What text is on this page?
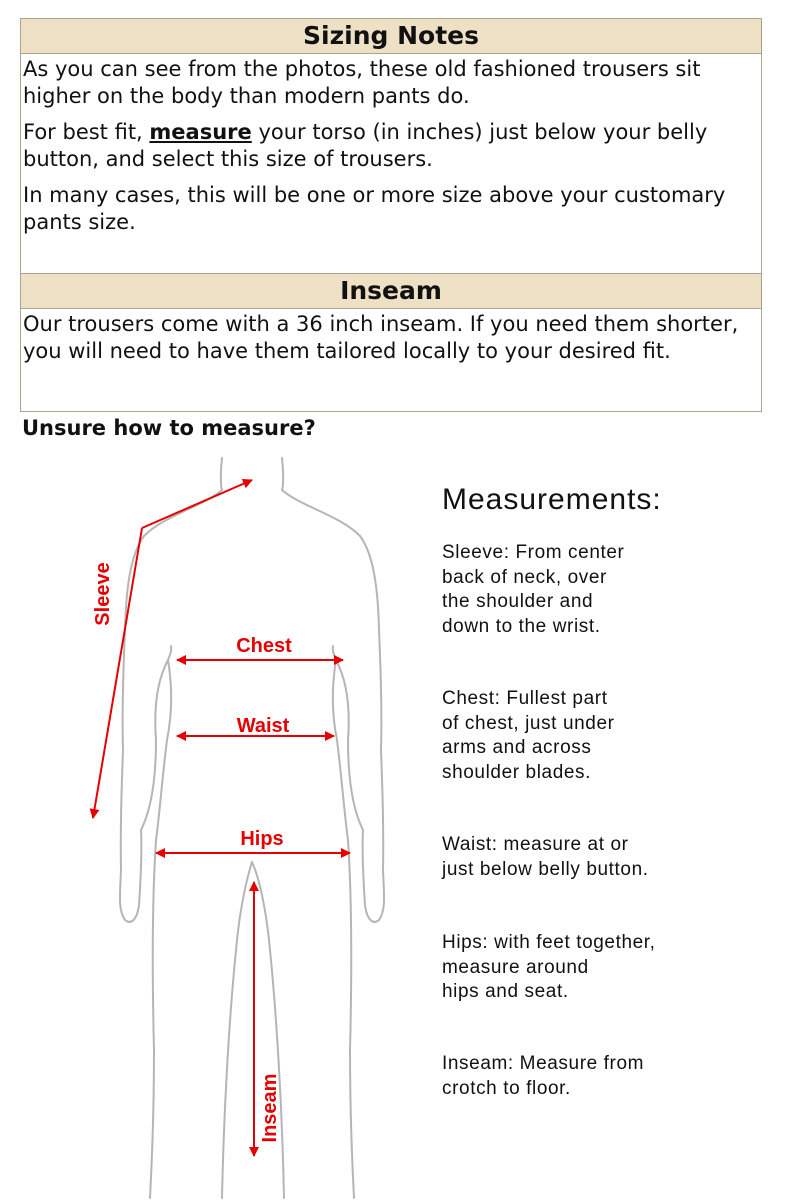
Sizing Notes

As you can see from the photos, these old fashioned trousers sit higher on the body than modern pants do.

For best fit, measure your torso (in inches) just below your belly button, and select this size of trousers.

In many cases, this will be one or more size above your customary pants size.

Inseam

Our trousers come with a 36 inch inseam. If you need them shorter, you will need to have them tailored locally to your desired fit.

Unsure how to measure?
Sleeve
Chest
Waist
Hips
Inseam
Measurements:
Sleeve: From center
back of neck, over
the shoulder and
down to the wrist.
Chest: Fullest part
of chest, just under
arms and across
shoulder blades.
Waist: measure at or
just below belly button.
Hips: with feet together,
measure around
hips and seat.
Inseam: Measure from
crotch to floor.
